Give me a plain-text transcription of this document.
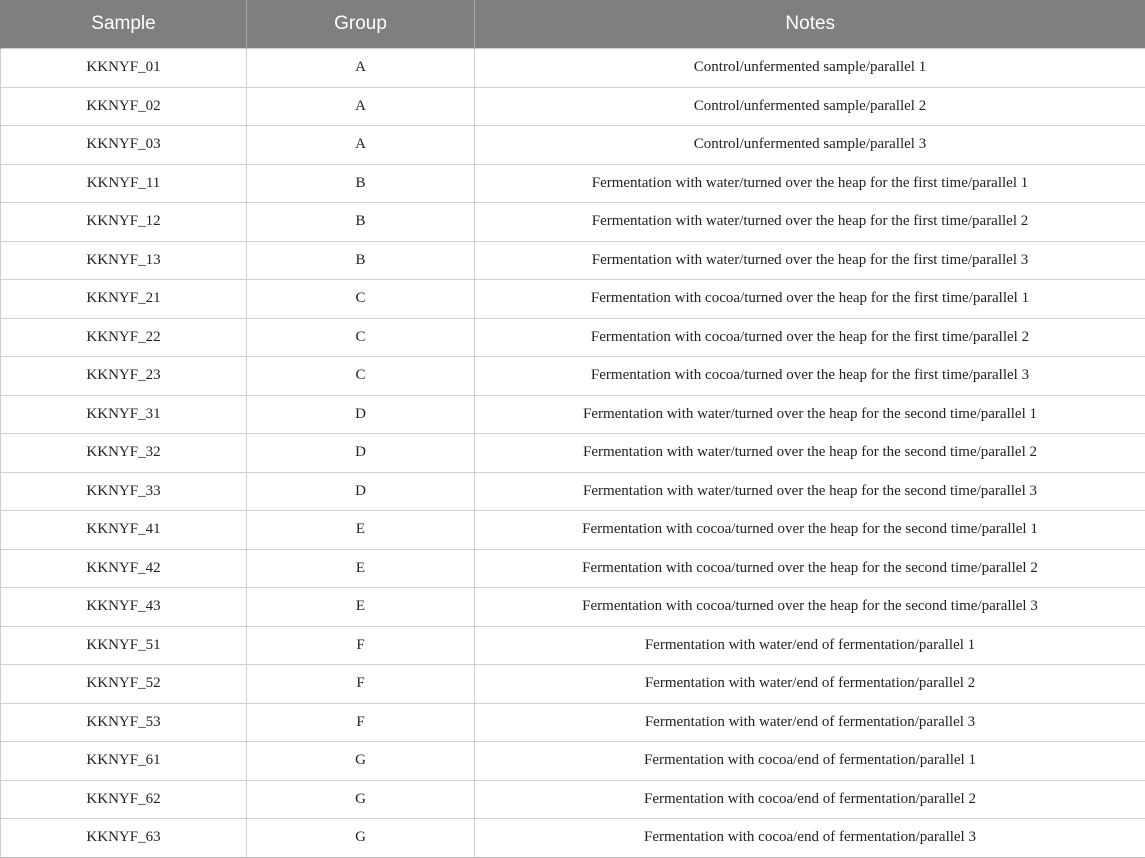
Sample	Group	Notes
KKNYF_01	A	Control/unfermented sample/parallel 1
KKNYF_02	A	Control/unfermented sample/parallel 2
KKNYF_03	A	Control/unfermented sample/parallel 3
KKNYF_11	B	Fermentation with water/turned over the heap for the first time/parallel 1
KKNYF_12	B	Fermentation with water/turned over the heap for the first time/parallel 2
KKNYF_13	B	Fermentation with water/turned over the heap for the first time/parallel 3
KKNYF_21	C	Fermentation with cocoa/turned over the heap for the first time/parallel 1
KKNYF_22	C	Fermentation with cocoa/turned over the heap for the first time/parallel 2
KKNYF_23	C	Fermentation with cocoa/turned over the heap for the first time/parallel 3
KKNYF_31	D	Fermentation with water/turned over the heap for the second time/parallel 1
KKNYF_32	D	Fermentation with water/turned over the heap for the second time/parallel 2
KKNYF_33	D	Fermentation with water/turned over the heap for the second time/parallel 3
KKNYF_41	E	Fermentation with cocoa/turned over the heap for the second time/parallel 1
KKNYF_42	E	Fermentation with cocoa/turned over the heap for the second time/parallel 2
KKNYF_43	E	Fermentation with cocoa/turned over the heap for the second time/parallel 3
KKNYF_51	F	Fermentation with water/end of fermentation/parallel 1
KKNYF_52	F	Fermentation with water/end of fermentation/parallel 2
KKNYF_53	F	Fermentation with water/end of fermentation/parallel 3
KKNYF_61	G	Fermentation with cocoa/end of fermentation/parallel 1
KKNYF_62	G	Fermentation with cocoa/end of fermentation/parallel 2
KKNYF_63	G	Fermentation with cocoa/end of fermentation/parallel 3
